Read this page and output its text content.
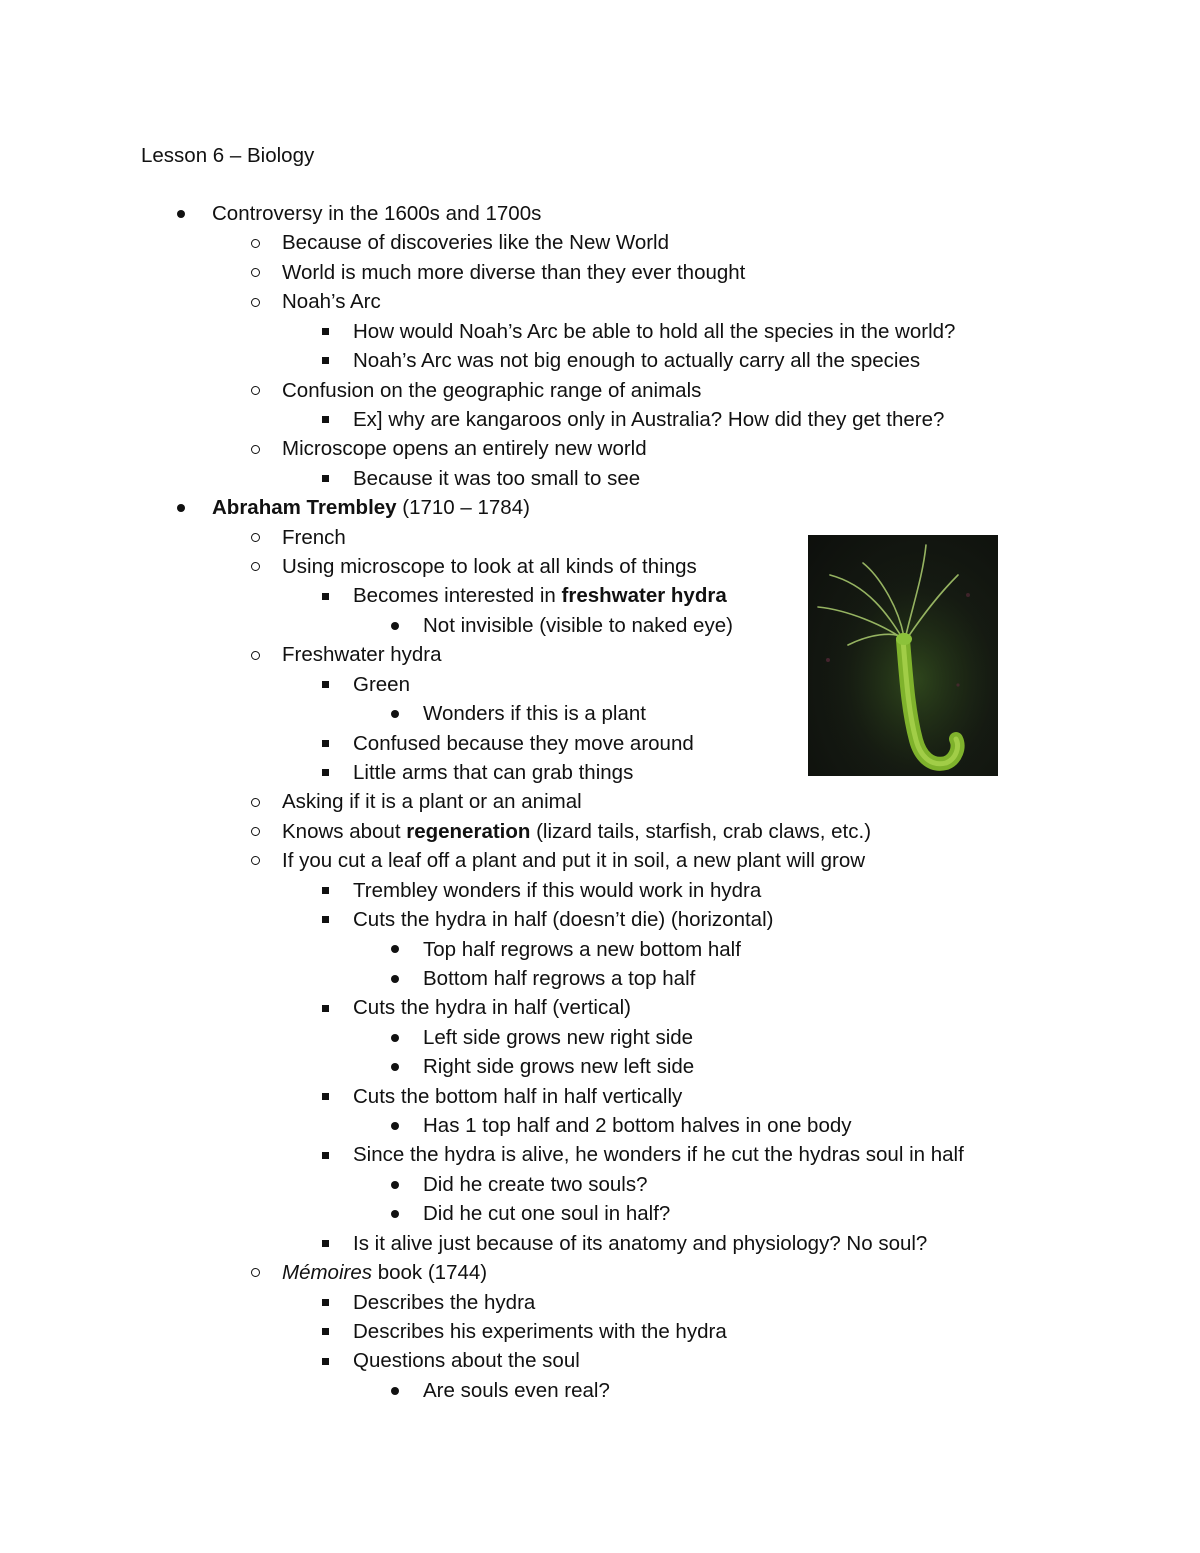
Lesson 6 – Biology
Controversy in the 1600s and 1700s
Because of discoveries like the New World
World is much more diverse than they ever thought
Noah’s Arc
How would Noah’s Arc be able to hold all the species in the world?
Noah’s Arc was not big enough to actually carry all the species
Confusion on the geographic range of animals
Ex] why are kangaroos only in Australia? How did they get there?
Microscope opens an entirely new world
Because it was too small to see
Abraham Trembley (1710 – 1784)
French
Using microscope to look at all kinds of things
Becomes interested in freshwater hydra
Not invisible (visible to naked eye)
Freshwater hydra
Green
Wonders if this is a plant
Confused because they move around
Little arms that can grab things
Asking if it is a plant or an animal
Knows about regeneration (lizard tails, starfish, crab claws, etc.)
If you cut a leaf off a plant and put it in soil, a new plant will grow
Trembley wonders if this would work in hydra
Cuts the hydra in half (doesn’t die) (horizontal)
Top half regrows a new bottom half
Bottom half regrows a top half
Cuts the hydra in half (vertical)
Left side grows new right side
Right side grows new left side
Cuts the bottom half in half vertically
Has 1 top half and 2 bottom halves in one body
Since the hydra is alive, he wonders if he cut the hydras soul in half
Did he create two souls?
Did he cut one soul in half?
Is it alive just because of its anatomy and physiology? No soul?
Mémoires book (1744)
Describes the hydra
Describes his experiments with the hydra
Questions about the soul
Are souls even real?
